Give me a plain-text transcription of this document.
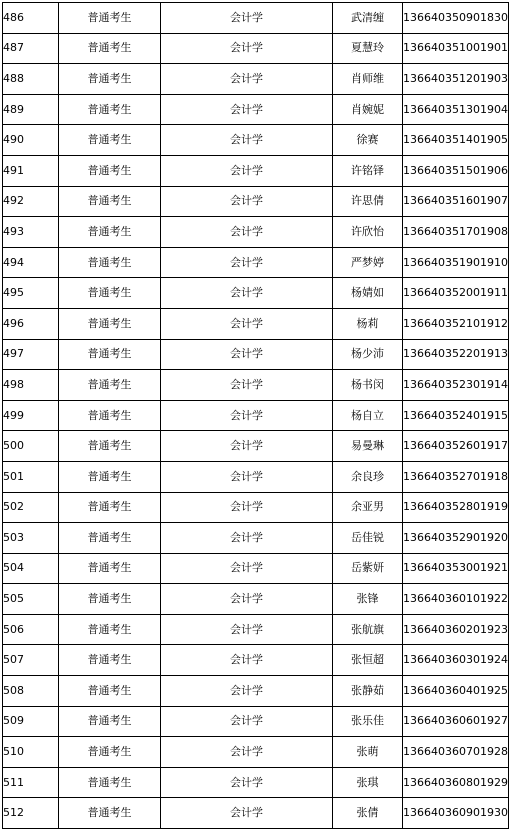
486	普通考生	会计学	武清缠	136640350901830
487	普通考生	会计学	夏慧玲	136640351001901
488	普通考生	会计学	肖师维	136640351201903
489	普通考生	会计学	肖婉妮	136640351301904
490	普通考生	会计学	徐赛	136640351401905
491	普通考生	会计学	许铭铎	136640351501906
492	普通考生	会计学	许思倩	136640351601907
493	普通考生	会计学	许欣怡	136640351701908
494	普通考生	会计学	严梦婷	136640351901910
495	普通考生	会计学	杨婧如	136640352001911
496	普通考生	会计学	杨莉	136640352101912
497	普通考生	会计学	杨少沛	136640352201913
498	普通考生	会计学	杨书闵	136640352301914
499	普通考生	会计学	杨自立	136640352401915
500	普通考生	会计学	易曼琳	136640352601917
501	普通考生	会计学	余良珍	136640352701918
502	普通考生	会计学	余亚男	136640352801919
503	普通考生	会计学	岳佳锐	136640352901920
504	普通考生	会计学	岳紫妍	136640353001921
505	普通考生	会计学	张锋	136640360101922
506	普通考生	会计学	张航旗	136640360201923
507	普通考生	会计学	张恒超	136640360301924
508	普通考生	会计学	张静茹	136640360401925
509	普通考生	会计学	张乐佳	136640360601927
510	普通考生	会计学	张萌	136640360701928
511	普通考生	会计学	张琪	136640360801929
512	普通考生	会计学	张倩	136640360901930
